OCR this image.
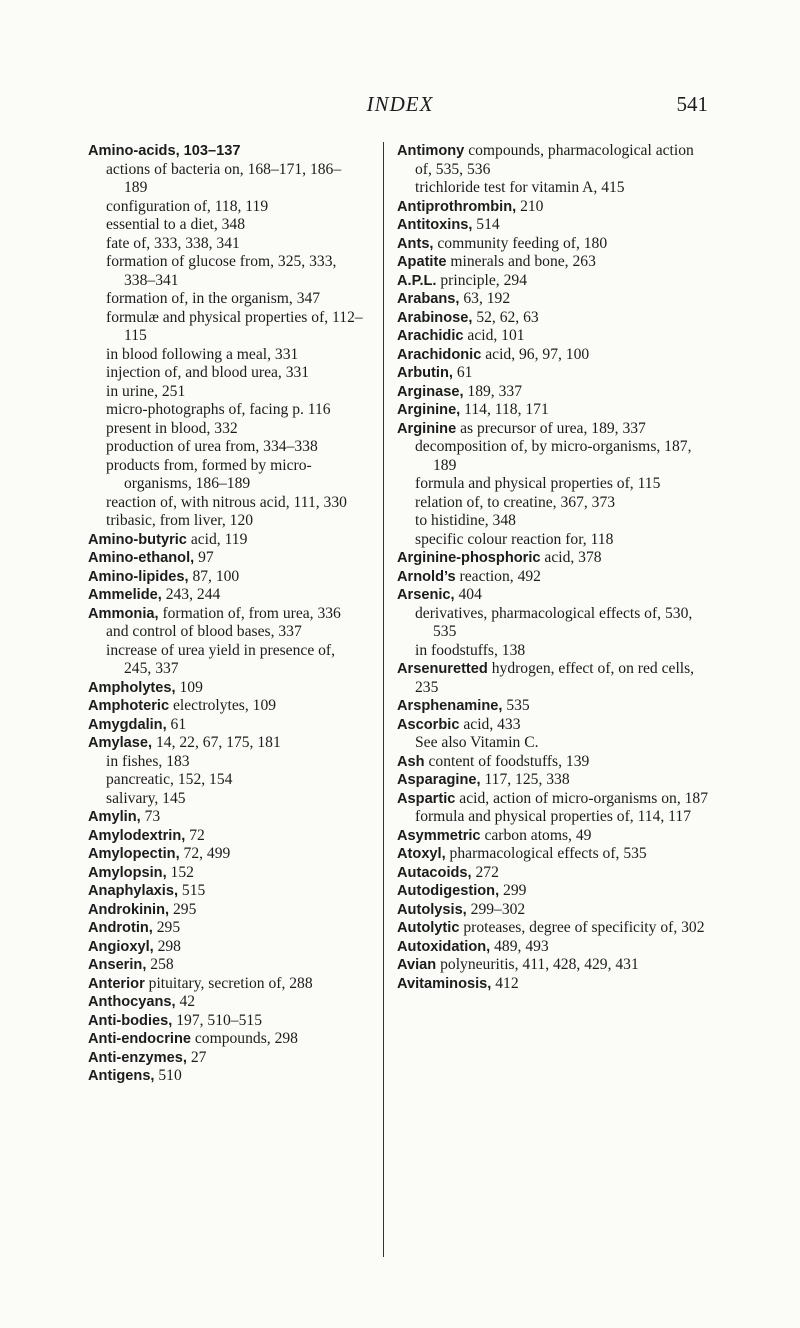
INDEX	541
Amino-acids, 103–137
actions of bacteria on, 168–171, 186–189
configuration of, 118, 119
essential to a diet, 348
fate of, 333, 338, 341
formation of glucose from, 325, 333, 338–341
formation of, in the organism, 347
formulæ and physical properties of, 112–115
in blood following a meal, 331
injection of, and blood urea, 331
in urine, 251
micro-photographs of, facing p. 116
present in blood, 332
production of urea from, 334–338
products from, formed by micro-organisms, 186–189
reaction of, with nitrous acid, 111, 330
tribasic, from liver, 120
Amino-butyric acid, 119
Amino-ethanol, 97
Amino-lipides, 87, 100
Ammelide, 243, 244
Ammonia, formation of, from urea, 336
and control of blood bases, 337
increase of urea yield in presence of, 245, 337
Ampholytes, 109
Amphoteric electrolytes, 109
Amygdalin, 61
Amylase, 14, 22, 67, 175, 181
in fishes, 183
pancreatic, 152, 154
salivary, 145
Amylin, 73
Amylodextrin, 72
Amylopectin, 72, 499
Amylopsin, 152
Anaphylaxis, 515
Androkinin, 295
Androtin, 295
Angioxyl, 298
Anserin, 258
Anterior pituitary, secretion of, 288
Anthocyans, 42
Anti-bodies, 197, 510–515
Anti-endocrine compounds, 298
Anti-enzymes, 27
Antigens, 510
Antimony compounds, pharmacological action of, 535, 536
trichloride test for vitamin A, 415
Antiprothrombin, 210
Antitoxins, 514
Ants, community feeding of, 180
Apatite minerals and bone, 263
A.P.L. principle, 294
Arabans, 63, 192
Arabinose, 52, 62, 63
Arachidic acid, 101
Arachidonic acid, 96, 97, 100
Arbutin, 61
Arginase, 189, 337
Arginine, 114, 118, 171
Arginine as precursor of urea, 189, 337
decomposition of, by micro-organisms, 187, 189
formula and physical properties of, 115
relation of, to creatine, 367, 373
to histidine, 348
specific colour reaction for, 118
Arginine-phosphoric acid, 378
Arnold’s reaction, 492
Arsenic, 404
derivatives, pharmacological effects of, 530, 535
in foodstuffs, 138
Arsenuretted hydrogen, effect of, on red cells, 235
Arsphenamine, 535
Ascorbic acid, 433
See also Vitamin C.
Ash content of foodstuffs, 139
Asparagine, 117, 125, 338
Aspartic acid, action of micro-organisms on, 187
formula and physical properties of, 114, 117
Asymmetric carbon atoms, 49
Atoxyl, pharmacological effects of, 535
Autacoids, 272
Autodigestion, 299
Autolysis, 299–302
Autolytic proteases, degree of specificity of, 302
Autoxidation, 489, 493
Avian polyneuritis, 411, 428, 429, 431
Avitaminosis, 412
